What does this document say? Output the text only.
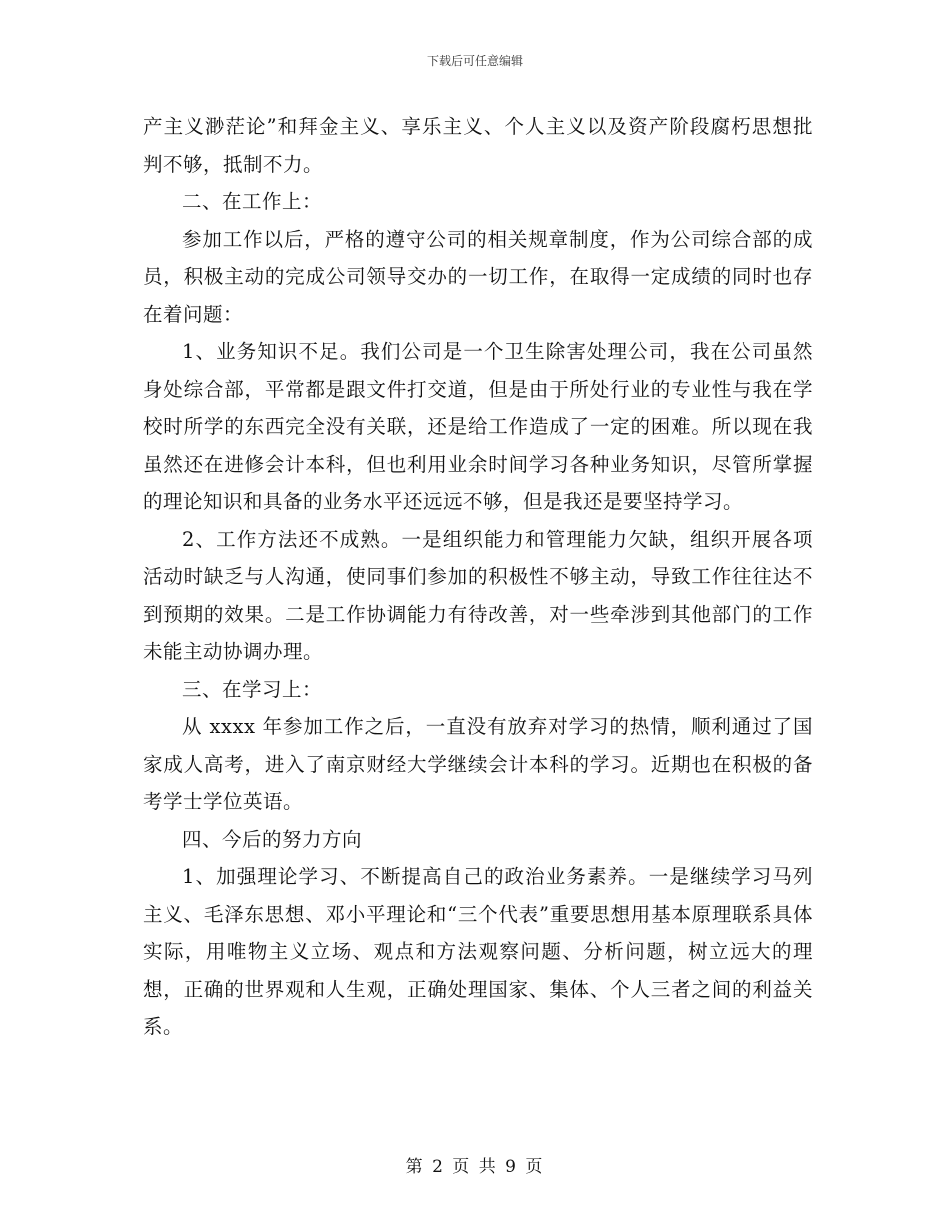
下载后可任意编辑

产主义渺茫论”和拜金主义、享乐主义、个人主义以及资产阶段腐朽思想批判不够，抵制不力。

二、在工作上：

参加工作以后，严格的遵守公司的相关规章制度，作为公司综合部的成员，积极主动的完成公司领导交办的一切工作，在取得一定成绩的同时也存在着问题：

1、业务知识不足。我们公司是一个卫生除害处理公司，我在公司虽然身处综合部，平常都是跟文件打交道，但是由于所处行业的专业性与我在学校时所学的东西完全没有关联，还是给工作造成了一定的困难。所以现在我虽然还在进修会计本科，但也利用业余时间学习各种业务知识，尽管所掌握的理论知识和具备的业务水平还远远不够，但是我还是要坚持学习。

2、工作方法还不成熟。一是组织能力和管理能力欠缺，组织开展各项活动时缺乏与人沟通，使同事们参加的积极性不够主动，导致工作往往达不到预期的效果。二是工作协调能力有待改善，对一些牵涉到其他部门的工作未能主动协调办理。

三、在学习上：

从 xxxx 年参加工作之后，一直没有放弃对学习的热情，顺利通过了国家成人高考，进入了南京财经大学继续会计本科的学习。近期也在积极的备考学士学位英语。

四、今后的努力方向

1、加强理论学习、不断提高自己的政治业务素养。一是继续学习马列主义、毛泽东思想、邓小平理论和“三个代表”重要思想用基本原理联系具体实际，用唯物主义立场、观点和方法观察问题、分析问题，树立远大的理想，正确的世界观和人生观，正确处理国家、集体、个人三者之间的利益关系。

第 2 页 共 9 页
